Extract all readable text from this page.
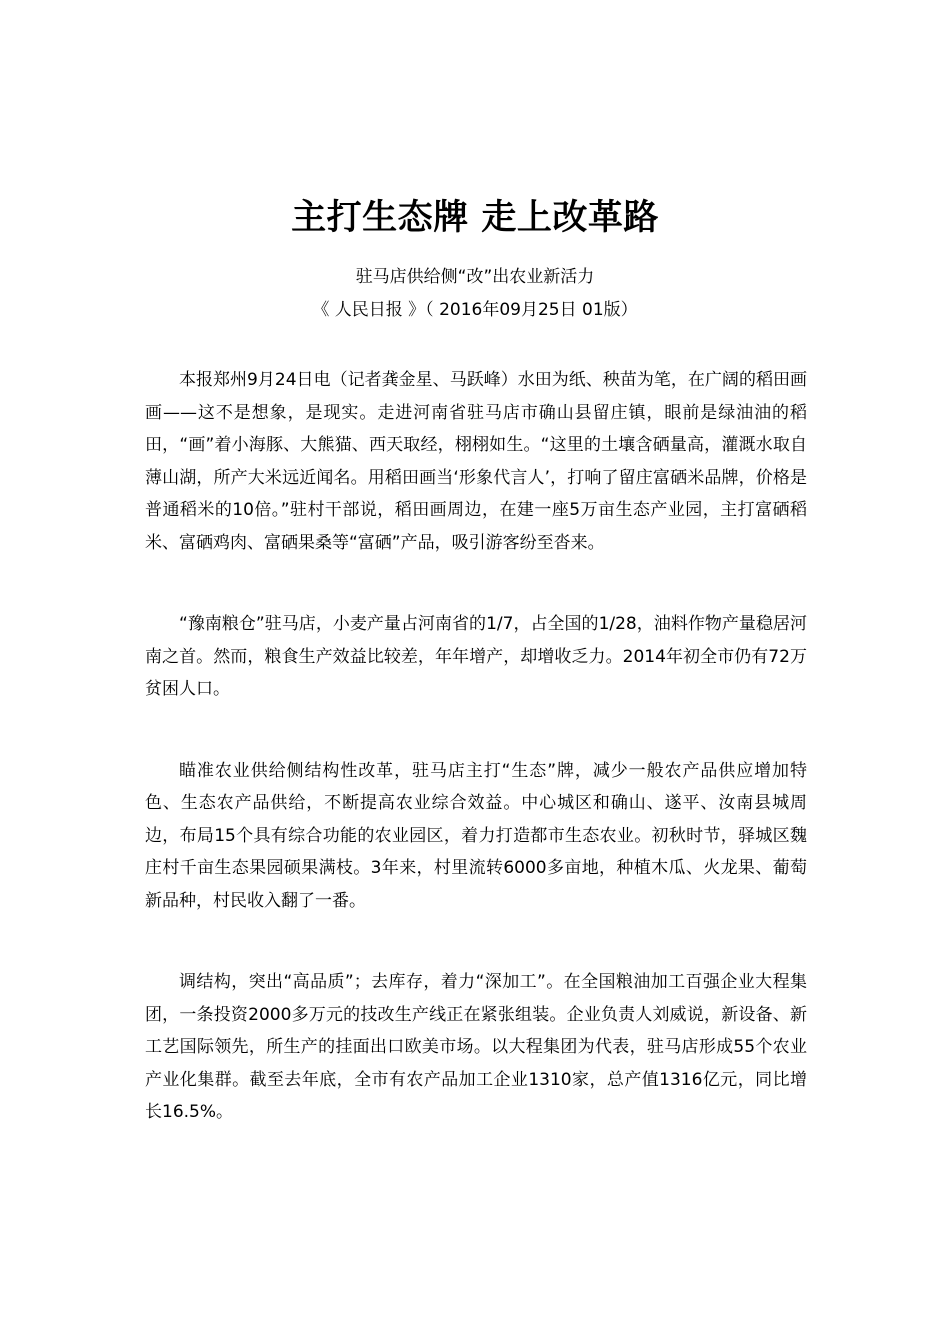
主打生态牌 走上改革路
驻马店供给侧“改”出农业新活力
《 人民日报 》（ 2016年09月25日 01版）

本报郑州9月24日电（记者龚金星、马跃峰）水田为纸、秧苗为笔，在广阔的稻田画画——这不是想象，是现实。走进河南省驻马店市确山县留庄镇，眼前是绿油油的稻田，“画”着小海豚、大熊猫、西天取经，栩栩如生。“这里的土壤含硒量高，灌溉水取自薄山湖，所产大米远近闻名。用稻田画当‘形象代言人’，打响了留庄富硒米品牌，价格是普通稻米的10倍。”驻村干部说，稻田画周边，在建一座5万亩生态产业园，主打富硒稻米、富硒鸡肉、富硒果桑等“富硒”产品，吸引游客纷至沓来。

“豫南粮仓”驻马店，小麦产量占河南省的1/7，占全国的1/28，油料作物产量稳居河南之首。然而，粮食生产效益比较差，年年增产，却增收乏力。2014年初全市仍有72万贫困人口。

瞄准农业供给侧结构性改革，驻马店主打“生态”牌，减少一般农产品供应增加特色、生态农产品供给，不断提高农业综合效益。中心城区和确山、遂平、汝南县城周边，布局15个具有综合功能的农业园区，着力打造都市生态农业。初秋时节，驿城区魏庄村千亩生态果园硕果满枝。3年来，村里流转6000多亩地，种植木瓜、火龙果、葡萄新品种，村民收入翻了一番。

调结构，突出“高品质”；去库存，着力“深加工”。在全国粮油加工百强企业大程集团，一条投资2000多万元的技改生产线正在紧张组装。企业负责人刘威说，新设备、新工艺国际领先，所生产的挂面出口欧美市场。以大程集团为代表，驻马店形成55个农业产业化集群。截至去年底，全市有农产品加工企业1310家，总产值1316亿元，同比增长16.5%。
